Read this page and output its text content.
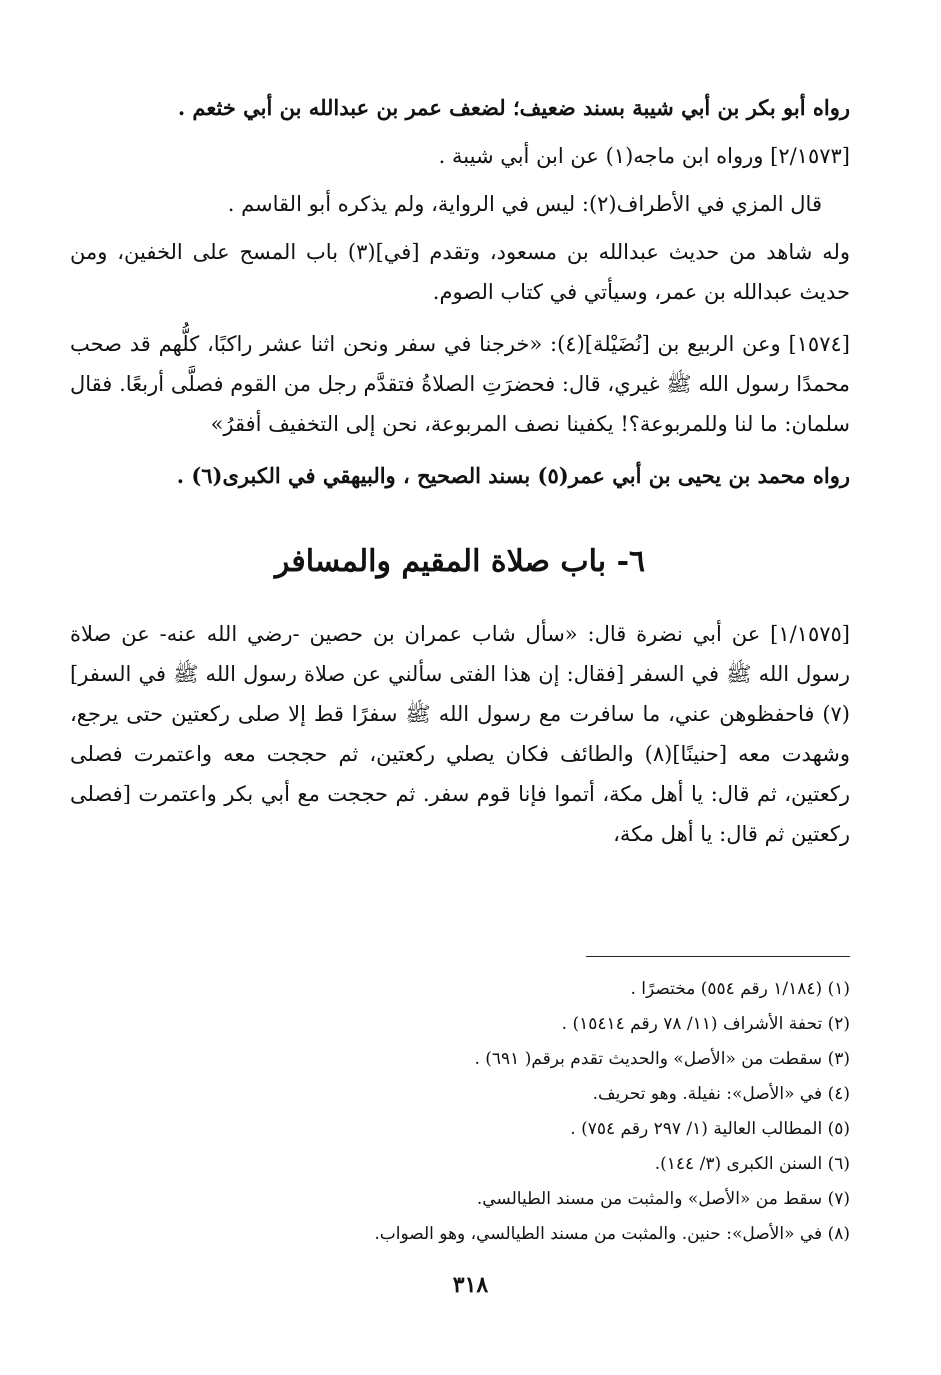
رواه أبو بكر بن أبي شيبة بسند ضعيف؛ لضعف عمر بن عبدالله بن أبي خثعم .

[٢/١٥٧٣] ورواه ابن ماجه(١) عن ابن أبي شيبة .

قال المزي في الأطراف(٢): ليس في الرواية، ولم يذكره أبو القاسم .

وله شاهد من حديث عبدالله بن مسعود، وتقدم [في](٣) باب المسح على الخفين، ومن حديث عبدالله بن عمر، وسيأتي في كتاب الصوم.

[١٥٧٤] وعن الربيع بن [نُضَيْلة](٤): «خرجنا في سفر ونحن اثنا عشر راكبًا، كلُّهم قد صحب محمدًا رسول الله ﷺ غيري، قال: فحضرَتِ الصلاةُ فتقدَّم رجل من القوم فصلَّى أربعًا. فقال سلمان: ما لنا وللمربوعة؟! يكفينا نصف المربوعة، نحن إلى التخفيف أفقرُ»

رواه محمد بن يحيى بن أبي عمر(٥) بسند الصحيح ، والبيهقي في الكبرى(٦) .

٦- باب صلاة المقيم والمسافر

[١/١٥٧٥] عن أبي نضرة قال: «سأل شاب عمران بن حصين -رضي الله عنه- عن صلاة رسول الله ﷺ في السفر [فقال: إن هذا الفتى سألني عن صلاة رسول الله ﷺ في السفر](٧) فاحفظوهن عني، ما سافرت مع رسول الله ﷺ سفرًا قط إلا صلى ركعتين حتى يرجع، وشهدت معه [حنينًا](٨) والطائف فكان يصلي ركعتين، ثم حججت معه واعتمرت فصلى ركعتين، ثم قال: يا أهل مكة، أتموا فإنا قوم سفر. ثم حججت مع أبي بكر واعتمرت [فصلى ركعتين ثم قال: يا أهل مكة،

(١) (١/١٨٤ رقم ٥٥٤) مختصرًا .

(٢) تحفة الأشراف (١١/ ٧٨ رقم ١٥٤١٤) .

(٣) سقطت من «الأصل» والحديث تقدم برقم( ٦٩١) .

(٤) في «الأصل»: نفيلة. وهو تحريف.

(٥) المطالب العالية (١/ ٢٩٧ رقم ٧٥٤) .

(٦) السنن الكبرى (٣/ ١٤٤).

(٧) سقط من «الأصل» والمثبت من مسند الطيالسي.

(٨) في «الأصل»: حنين. والمثبت من مسند الطيالسي، وهو الصواب.

٣١٨
